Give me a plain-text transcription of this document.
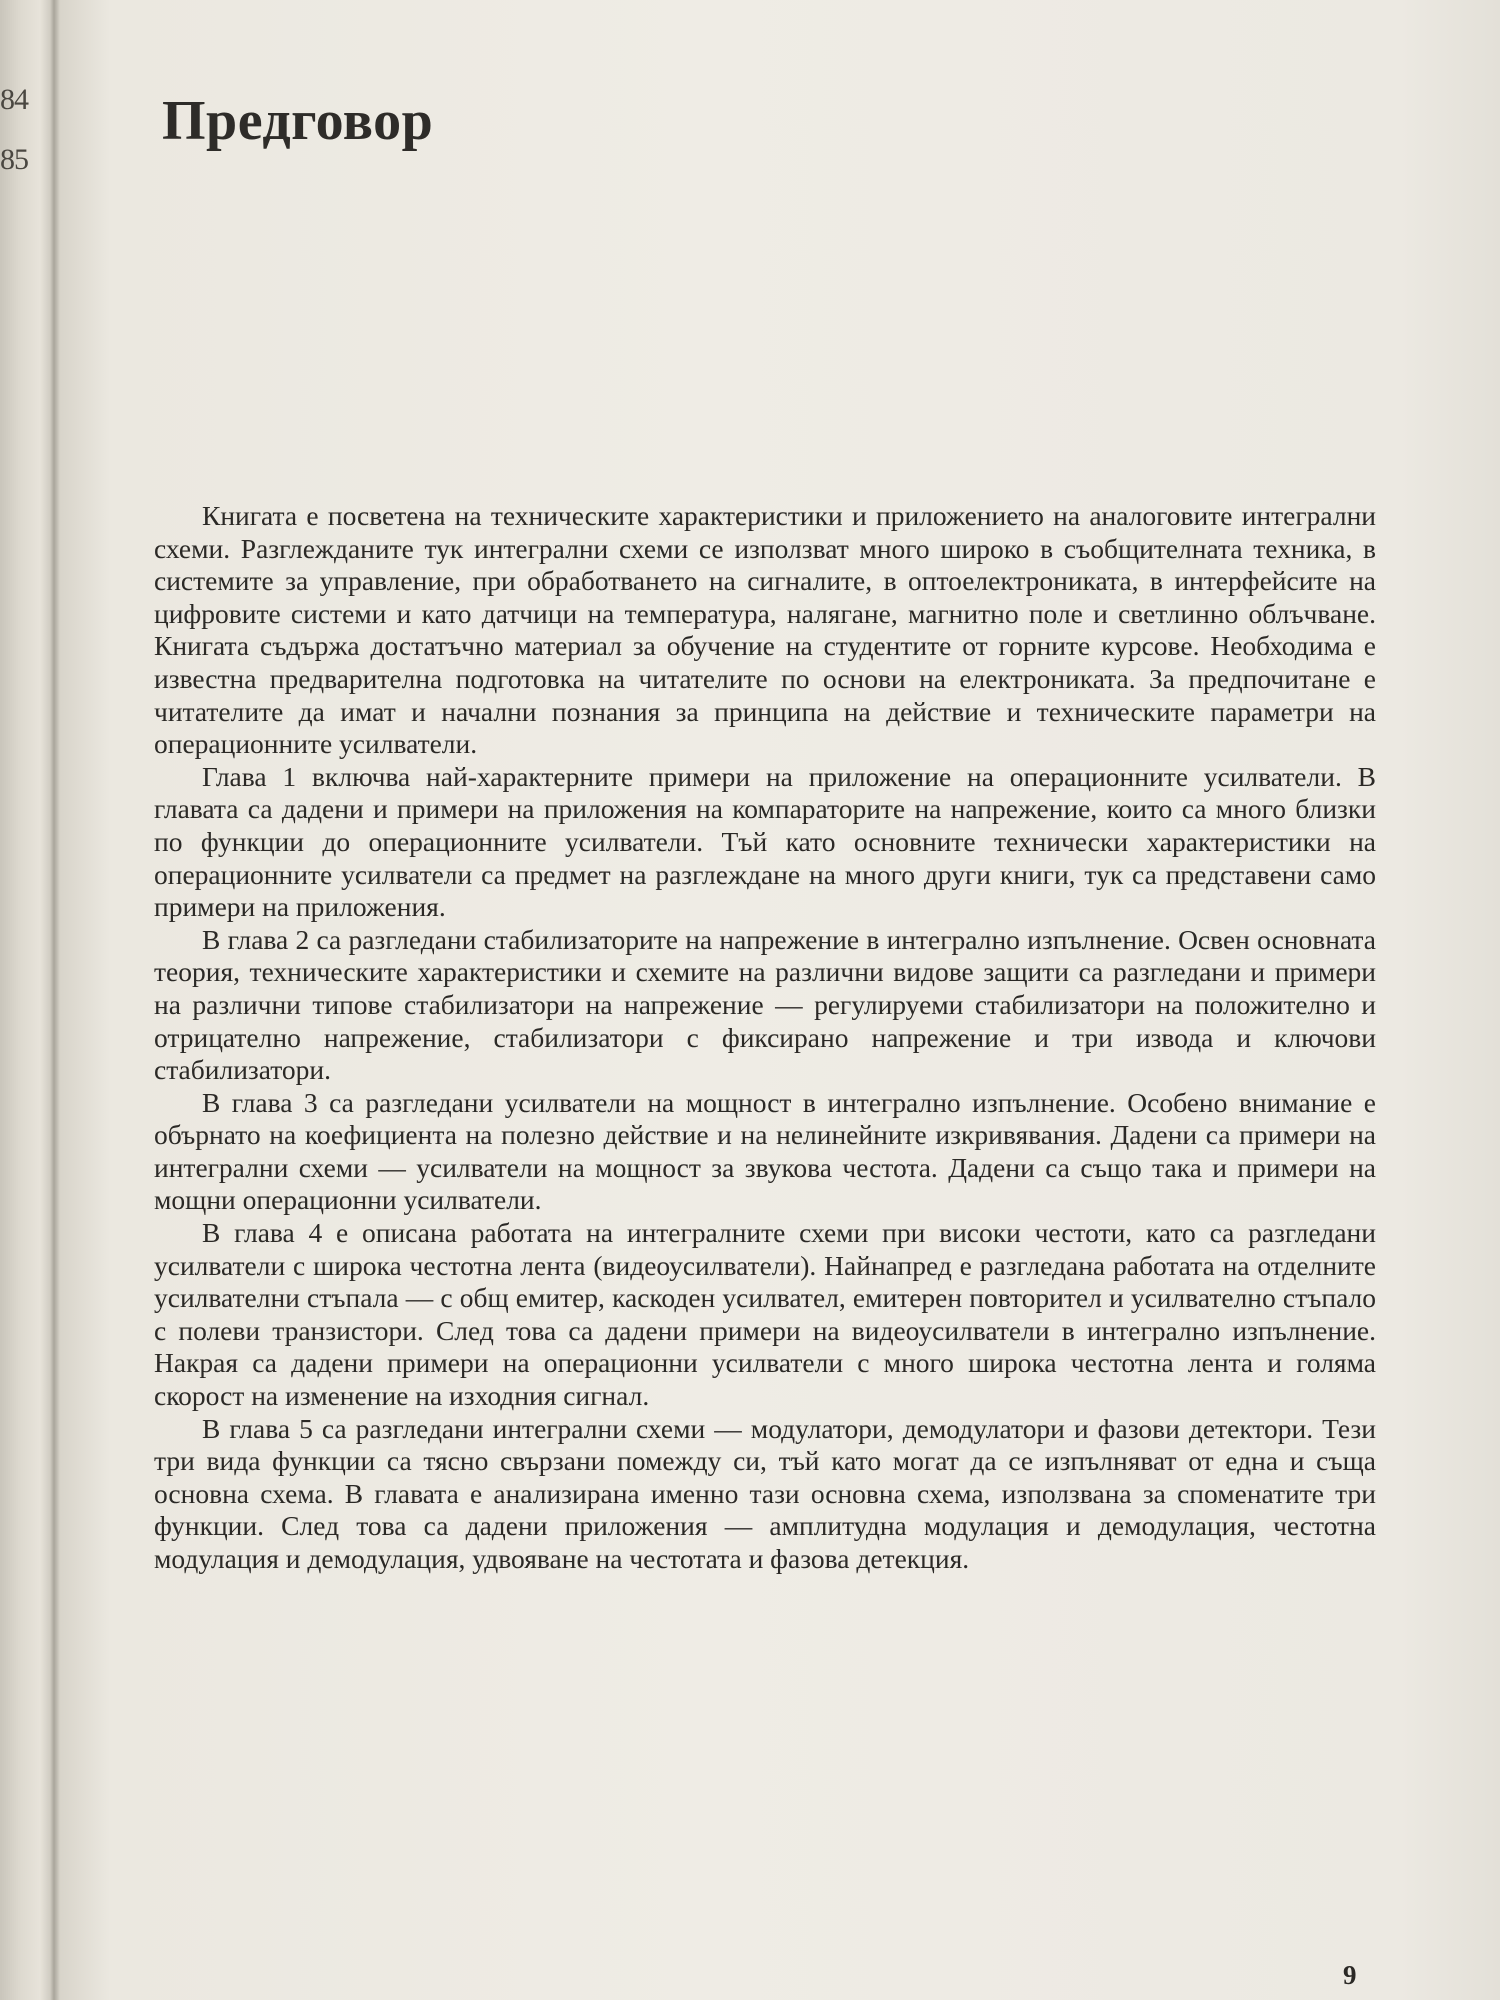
84
85
Предговор

Книгата е посветена на техническите характеристики и приложението на аналоговите интегрални схеми. Разглежданите тук интегрални схеми се използват много широко в съобщителната техника, в системите за управление, при обработването на сигналите, в оптоелектрониката, в интерфейсите на цифровите системи и като датчици на температура, налягане, магнитно поле и светлинно облъчване. Книгата съдържа достатъчно материал за обучение на студентите от горните курсове. Необходима е известна предварителна подготовка на читателите по основи на електрониката. За предпочитане е читателите да имат и начални познания за принципа на действие и техническите параметри на операционните усилватели.

Глава 1 включва най-характерните примери на приложение на операционните усилватели. В главата са дадени и примери на приложения на компараторите на напрежение, които са много близки по функции до операционните усилватели. Тъй като основните технически характеристики на операционните усилватели са предмет на разглеждане на много други книги, тук са представени само примери на приложения.

В глава 2 са разгледани стабилизаторите на напрежение в интегрално изпълнение. Освен основната теория, техническите характеристики и схемите на различни видове защити са разгледани и примери на различни типове стабилизатори на напрежение — регулируеми стабилизатори на положително и отрицателно напрежение, стабилизатори с фиксирано напрежение и три извода и ключови стабилизатори.

В глава 3 са разгледани усилватели на мощност в интегрално изпълнение. Особено внимание е обърнато на коефициента на полезно действие и на нелинейните изкривявания. Дадени са примери на интегрални схеми — усилватели на мощност за звукова честота. Дадени са също така и примери на мощни операционни усилватели.

В глава 4 е описана работата на интегралните схеми при високи честоти, като са разгледани усилватели с широка честотна лента (видеоусилватели). Найнапред е разгледана работата на отделните усилвателни стъпала — с общ емитер, каскоден усилвател, емитерен повторител и усилвателно стъпало с полеви транзистори. След това са дадени примери на видеоусилватели в интегрално изпълнение. Накрая са дадени примери на операционни усилватели с много широка честотна лента и голяма скорост на изменение на изходния сигнал.

В глава 5 са разгледани интегрални схеми — модулатори, демодулатори и фазови детектори. Тези три вида функции са тясно свързани помежду си, тъй като могат да се изпълняват от една и съща основна схема. В главата е анализирана именно тази основна схема, използвана за споменатите три функции. След това са дадени приложения — амплитудна модулация и демодулация, честотна модулация и демодулация, удвояване на честотата и фазова детекция.

9
